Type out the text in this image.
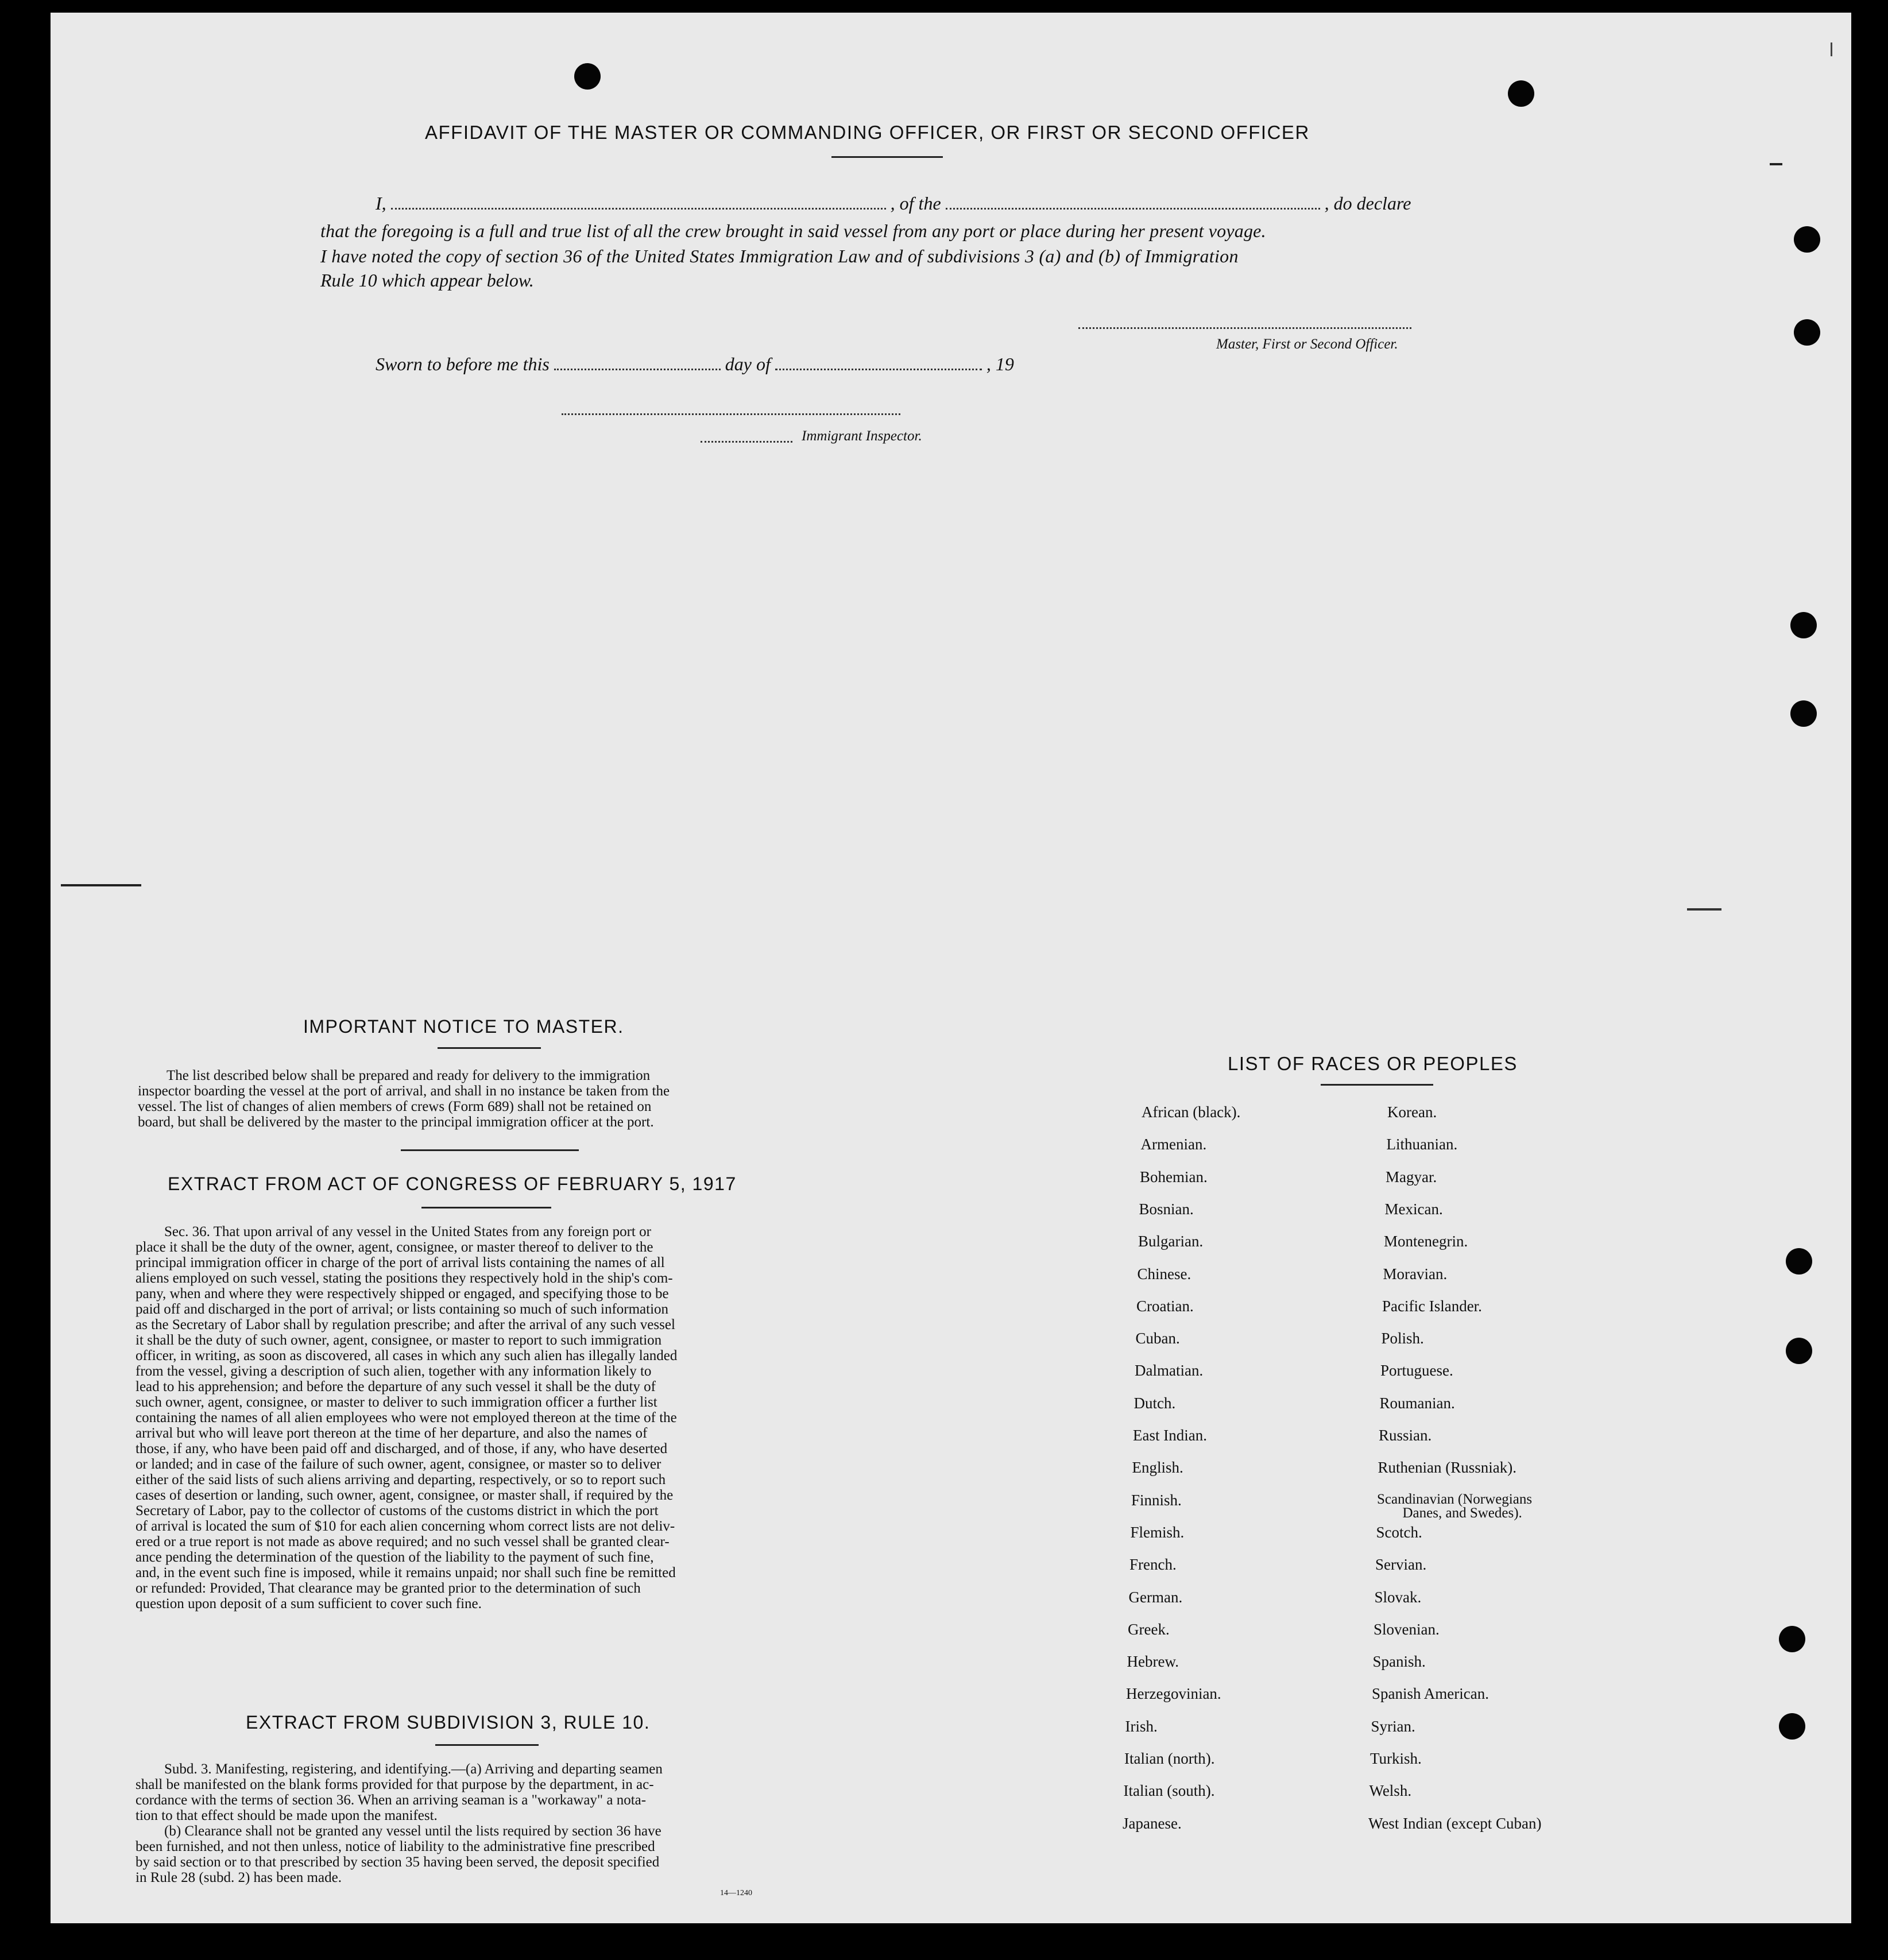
AFFIDAVIT OF THE MASTER OR COMMANDING OFFICER, OR FIRST OR SECOND OFFICER
I,	, of the	, do declare
that the foregoing is a full and true list of all the crew brought in said vessel from any port or place during her present voyage.
I have noted the copy of section 36 of the United States Immigration Law and of subdivisions 3 (a) and (b) of Immigration
Rule 10 which appear below.
Master, First or Second Officer.
Sworn to before me this	day of	, 19
Immigrant Inspector.
IMPORTANT NOTICE TO MASTER.
The list described below shall be prepared and ready for delivery to the immigration
inspector boarding the vessel at the port of arrival, and shall in no instance be taken from the
vessel. The list of changes of alien members of crews (Form 689) shall not be retained on
board, but shall be delivered by the master to the principal immigration officer at the port.
EXTRACT FROM ACT OF CONGRESS OF FEBRUARY 5, 1917
Sec. 36. That upon arrival of any vessel in the United States from any foreign port or
place it shall be the duty of the owner, agent, consignee, or master thereof to deliver to the
principal immigration officer in charge of the port of arrival lists containing the names of all
aliens employed on such vessel, stating the positions they respectively hold in the ship's com-
pany, when and where they were respectively shipped or engaged, and specifying those to be
paid off and discharged in the port of arrival; or lists containing so much of such information
as the Secretary of Labor shall by regulation prescribe; and after the arrival of any such vessel
it shall be the duty of such owner, agent, consignee, or master to report to such immigration
officer, in writing, as soon as discovered, all cases in which any such alien has illegally landed
from the vessel, giving a description of such alien, together with any information likely to
lead to his apprehension; and before the departure of any such vessel it shall be the duty of
such owner, agent, consignee, or master to deliver to such immigration officer a further list
containing the names of all alien employees who were not employed thereon at the time of the
arrival but who will leave port thereon at the time of her departure, and also the names of
those, if any, who have been paid off and discharged, and of those, if any, who have deserted
or landed; and in case of the failure of such owner, agent, consignee, or master so to deliver
either of the said lists of such aliens arriving and departing, respectively, or so to report such
cases of desertion or landing, such owner, agent, consignee, or master shall, if required by the
Secretary of Labor, pay to the collector of customs of the customs district in which the port
of arrival is located the sum of $10 for each alien concerning whom correct lists are not deliv-
ered or a true report is not made as above required; and no such vessel shall be granted clear-
ance pending the determination of the question of the liability to the payment of such fine,
and, in the event such fine is imposed, while it remains unpaid; nor shall such fine be remitted
or refunded: Provided, That clearance may be granted prior to the determination of such
question upon deposit of a sum sufficient to cover such fine.
EXTRACT FROM SUBDIVISION 3, RULE 10.
Subd. 3. Manifesting, registering, and identifying.—(a) Arriving and departing seamen
shall be manifested on the blank forms provided for that purpose by the department, in ac-
cordance with the terms of section 36. When an arriving seaman is a "workaway" a nota-
tion to that effect should be made upon the manifest.
(b) Clearance shall not be granted any vessel until the lists required by section 36 have
been furnished, and not then unless, notice of liability to the administrative fine prescribed
by said section or to that prescribed by section 35 having been served, the deposit specified
in Rule 28 (subd. 2) has been made.
14—1240
LIST OF RACES OR PEOPLES
African (black).
Armenian.
Bohemian.
Bosnian.
Bulgarian.
Chinese.
Croatian.
Cuban.
Dalmatian.
Dutch.
East Indian.
English.
Finnish.
Flemish.
French.
German.
Greek.
Hebrew.
Herzegovinian.
Irish.
Italian (north).
Italian (south).
Japanese.
Korean.
Lithuanian.
Magyar.
Mexican.
Montenegrin.
Moravian.
Pacific Islander.
Polish.
Portuguese.
Roumanian.
Russian.
Ruthenian (Russniak).
Scandinavian (Norwegians
Danes, and Swedes).
Scotch.
Servian.
Slovak.
Slovenian.
Spanish.
Spanish American.
Syrian.
Turkish.
Welsh.
West Indian (except Cuban)
